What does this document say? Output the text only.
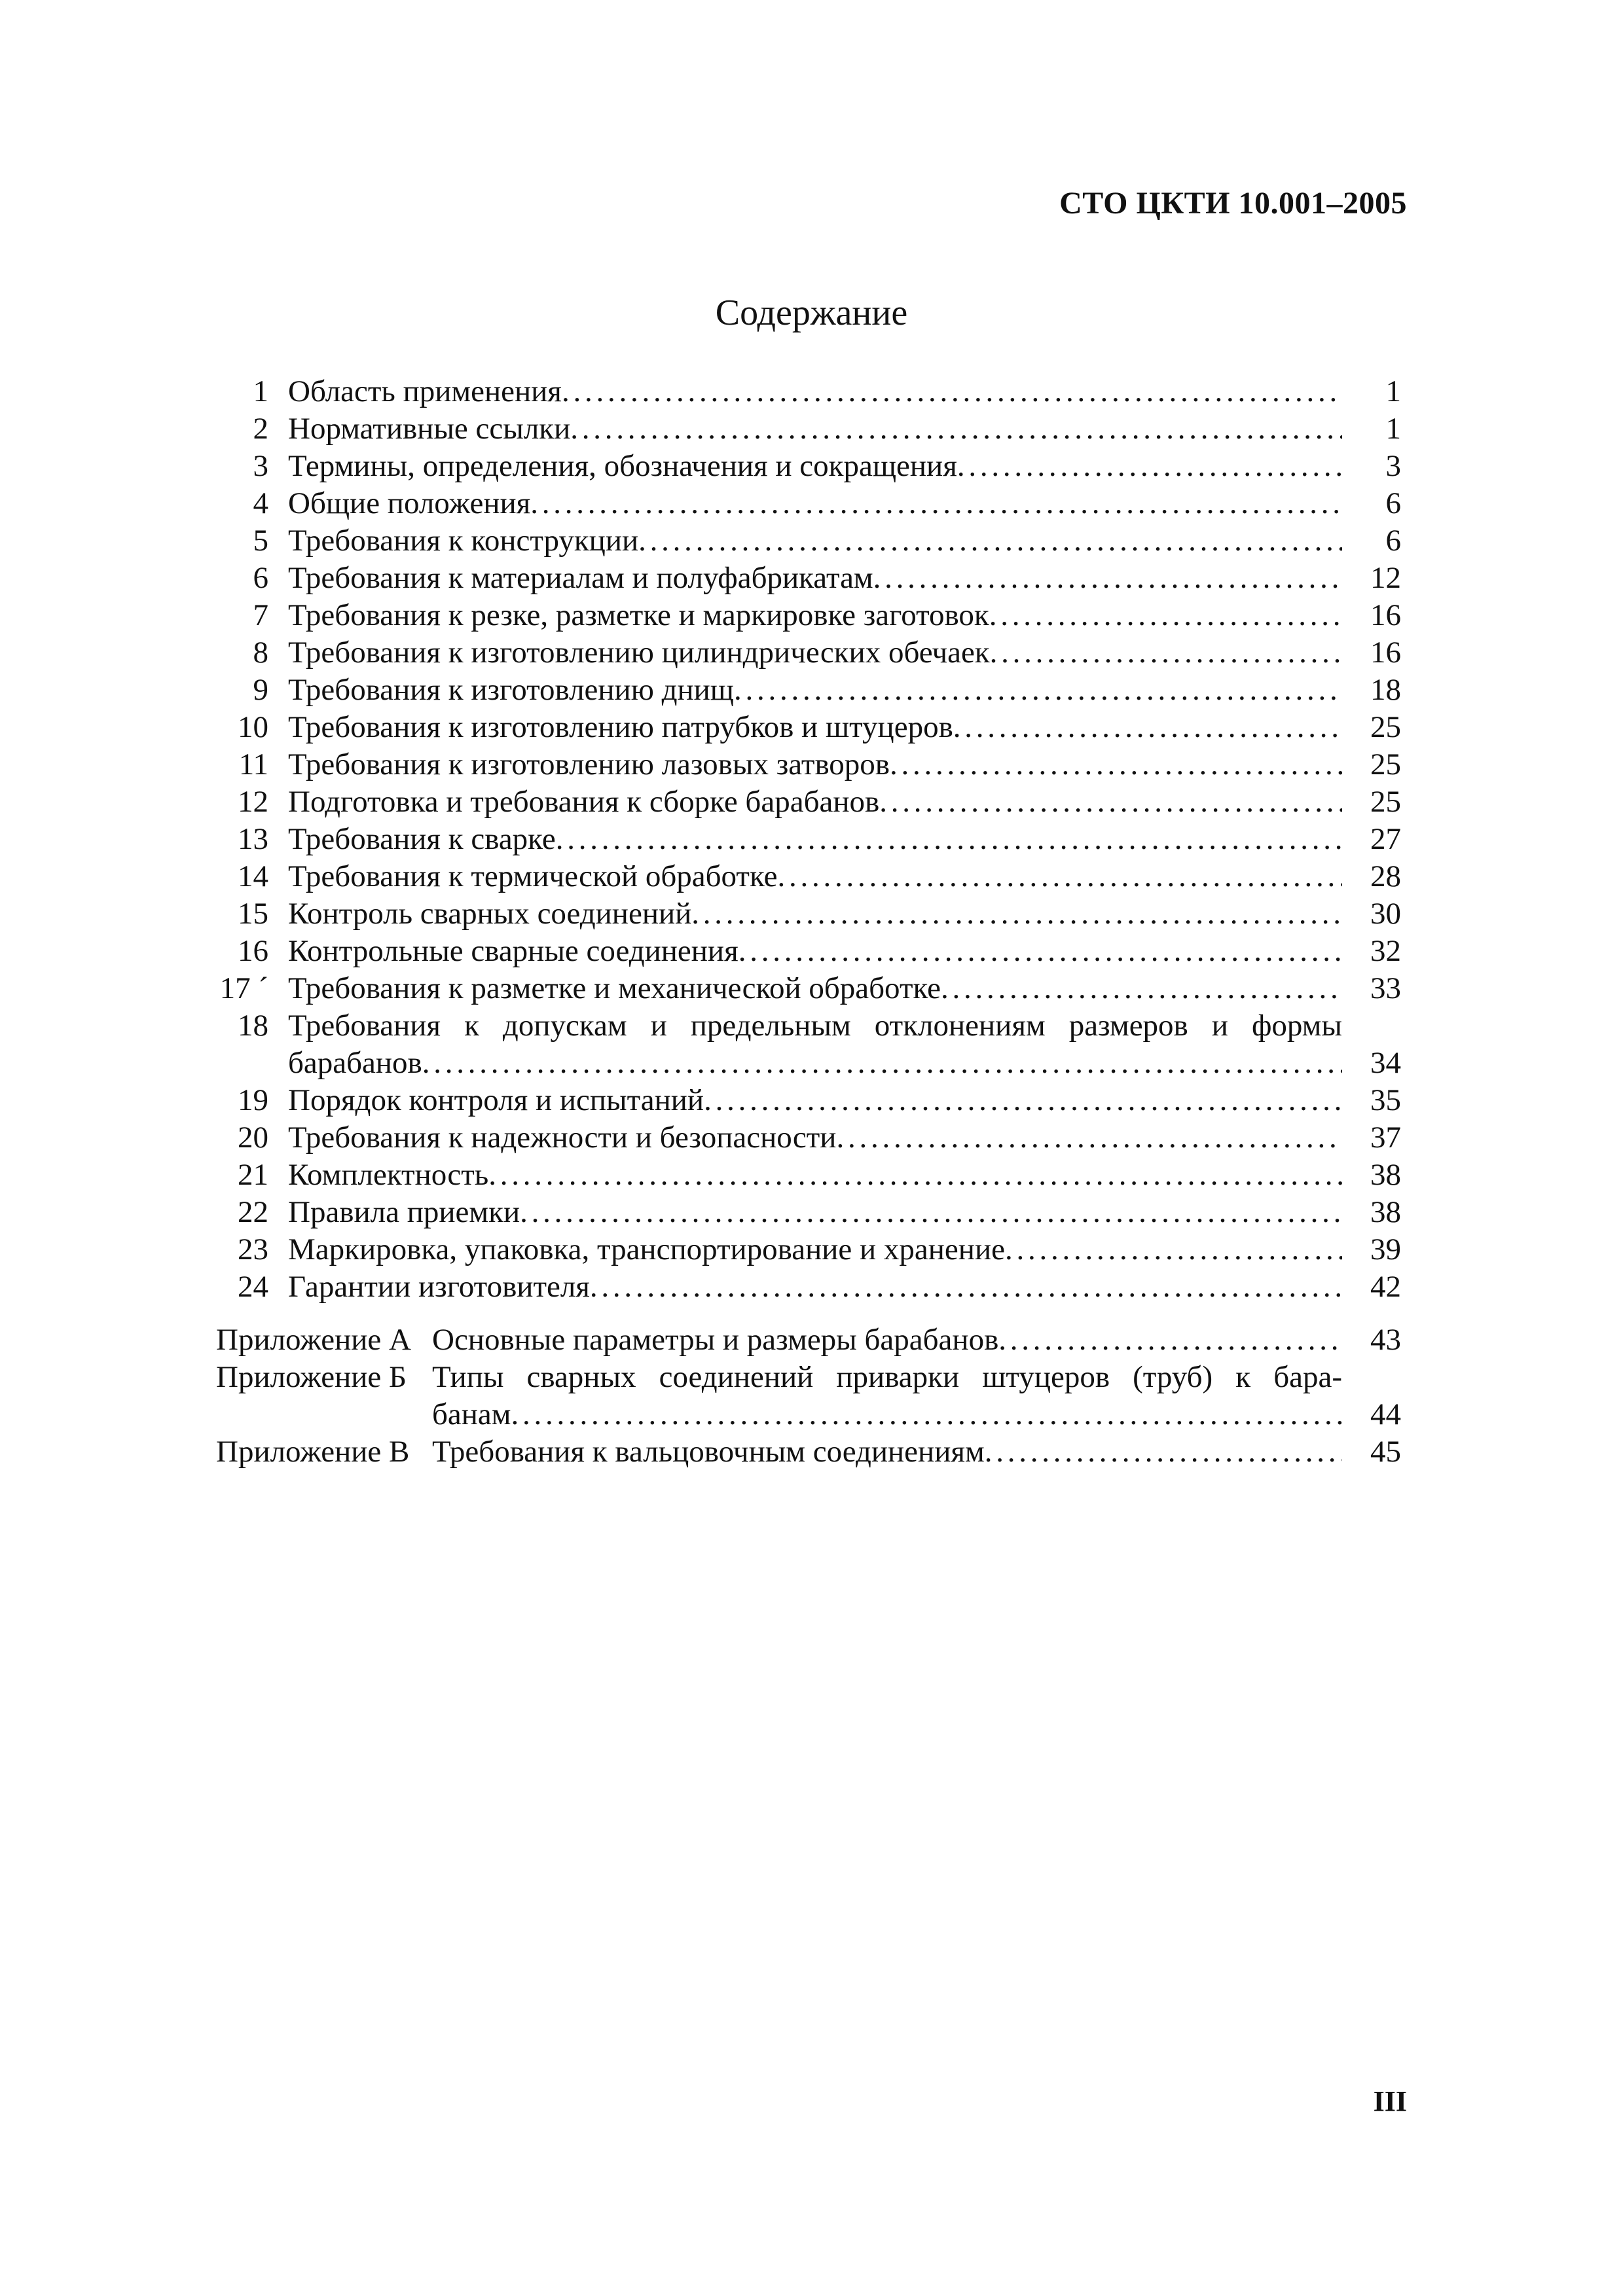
СТО ЦКТИ 10.001–2005
Содержание
1 Область применения . . .	1
2 Нормативные ссылки . . .	1
3 Термины, определения, обозначения и сокращения . . .	3
4 Общие положения . . .	6
5 Требования к конструкции . . .	6
6 Требования к материалам и полуфабрикатам . . .	12
7 Требования к резке, разметке и маркировке заготовок . . .	16
8 Требования к изготовлению цилиндрических обечаек . . .	16
9 Требования к изготовлению днищ . . .	18
10 Требования к изготовлению патрубков и штуцеров . . .	25
11 Требования к изготовлению лазовых затворов . . .	25
12 Подготовка и требования к сборке барабанов . . .	25
13 Требования к сварке . . .	27
14 Требования к термической обработке . . .	28
15 Контроль сварных соединений . . .	30
16 Контрольные сварные соединения . . .	32
17 ˊ Требования к разметке и механической обработке . . .	33
18 Требования к допускам и предельным отклонениям размеров и формы
барабанов . . .	34
19 Порядок контроля и испытаний . . .	35
20 Требования к надежности и безопасности . . .	37
21 Комплектность . . .	38
22 Правила приемки . . .	38
23 Маркировка, упаковка, транспортирование и хранение . . .	39
24 Гарантии изготовителя . . .	42
Приложение А Основные параметры и размеры барабанов . . .	43
Приложение Б Типы сварных соединений приварки штуцеров (труб) к бара-
банам . . .	44
Приложение В Требования к вальцовочным соединениям . . .	45
III
